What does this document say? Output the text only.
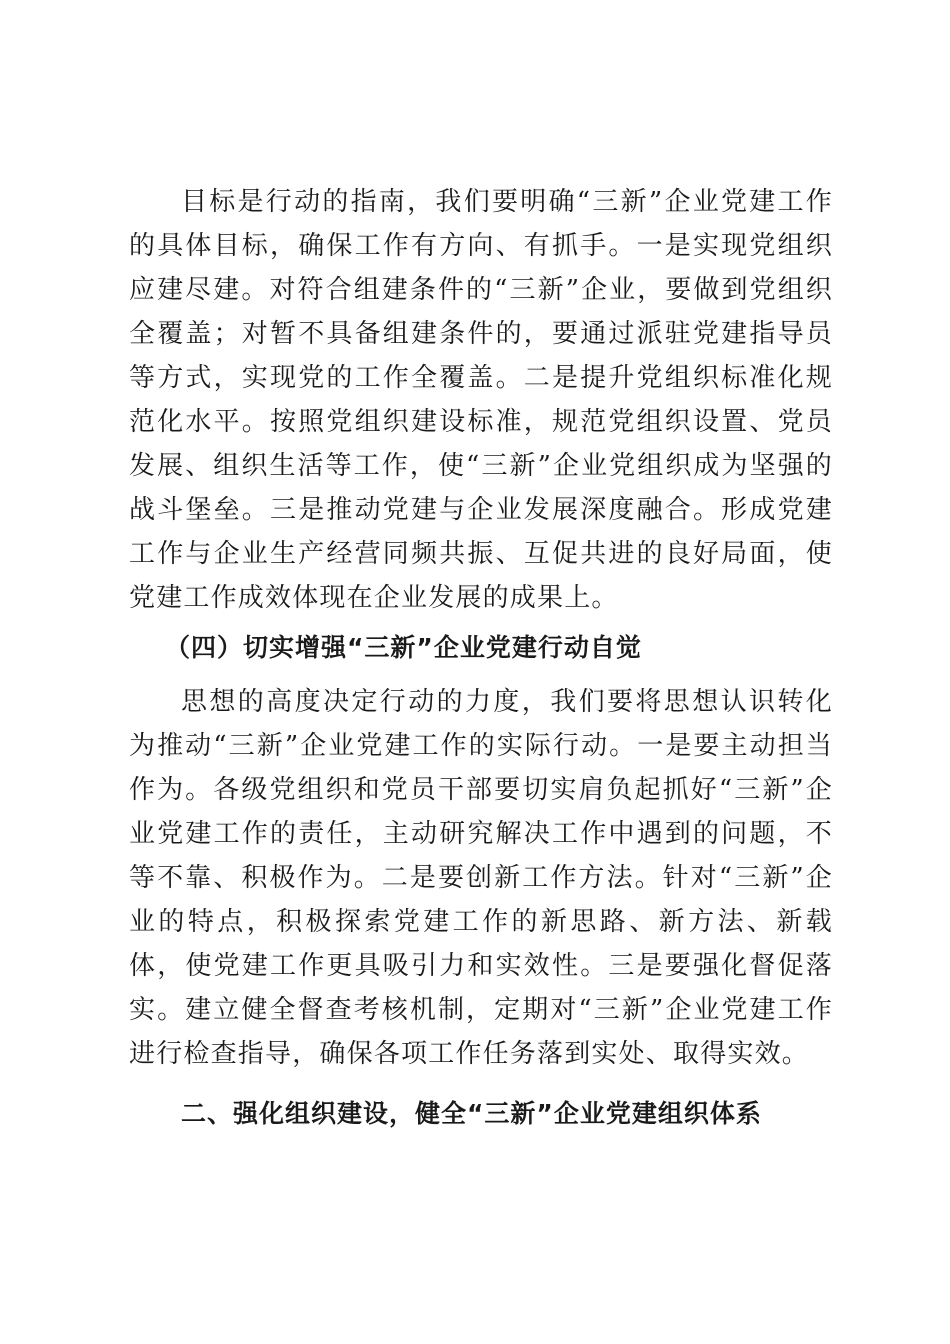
目标是行动的指南，我们要明确“三新”企业党建工作的具体目标，确保工作有方向、有抓手。一是实现党组织应建尽建。对符合组建条件的“三新”企业，要做到党组织全覆盖；对暂不具备组建条件的，要通过派驻党建指导员等方式，实现党的工作全覆盖。二是提升党组织标准化规范化水平。按照党组织建设标准，规范党组织设置、党员发展、组织生活等工作，使“三新”企业党组织成为坚强的战斗堡垒。三是推动党建与企业发展深度融合。形成党建工作与企业生产经营同频共振、互促共进的良好局面，使党建工作成效体现在企业发展的成果上。

（四）切实增强“三新”企业党建行动自觉

思想的高度决定行动的力度，我们要将思想认识转化为推动“三新”企业党建工作的实际行动。一是要主动担当作为。各级党组织和党员干部要切实肩负起抓好“三新”企业党建工作的责任，主动研究解决工作中遇到的问题，不等不靠、积极作为。二是要创新工作方法。针对“三新”企业的特点，积极探索党建工作的新思路、新方法、新载体，使党建工作更具吸引力和实效性。三是要强化督促落实。建立健全督查考核机制，定期对“三新”企业党建工作进行检查指导，确保各项工作任务落到实处、取得实效。

二、强化组织建设，健全“三新”企业党建组织体系
